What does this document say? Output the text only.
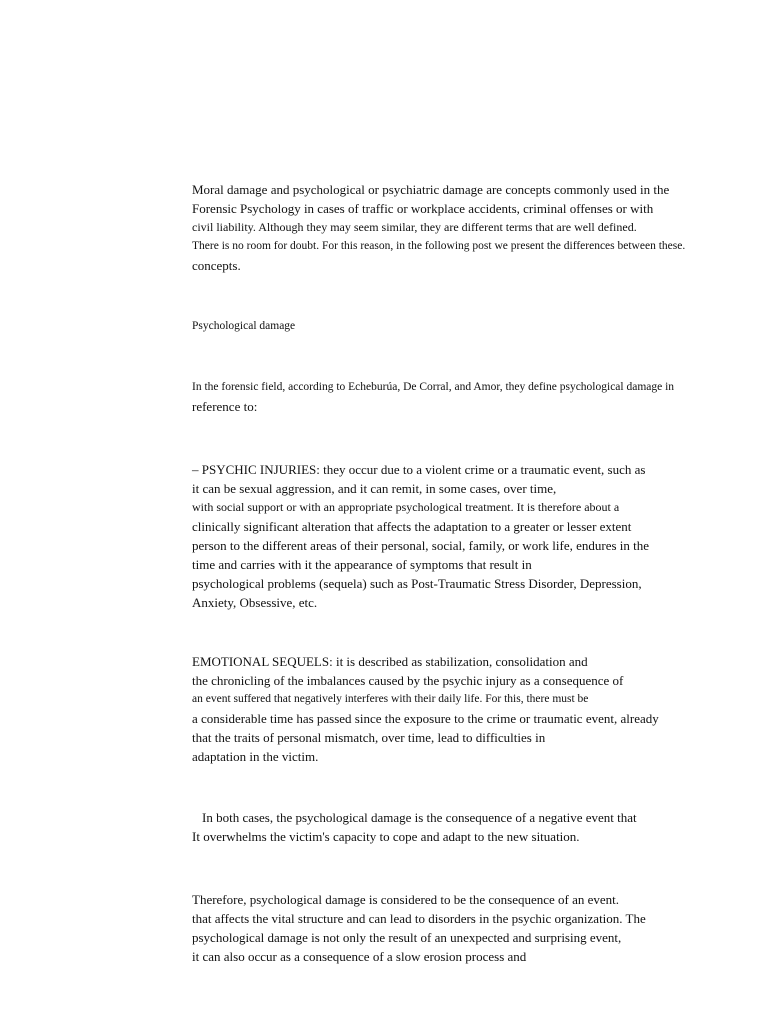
Moral damage and psychological or psychiatric damage are concepts commonly used in the
Forensic Psychology in cases of traffic or workplace accidents, criminal offenses or with
civil liability. Although they may seem similar, they are different terms that are well defined.
There is no room for doubt. For this reason, in the following post we present the differences between these.
concepts.
Psychological damage
In the forensic field, according to Echeburúa, De Corral, and Amor, they define psychological damage in
reference to:
– PSYCHIC INJURIES: they occur due to a violent crime or a traumatic event, such as
it can be sexual aggression, and it can remit, in some cases, over time,
with social support or with an appropriate psychological treatment. It is therefore about a
clinically significant alteration that affects the adaptation to a greater or lesser extent
person to the different areas of their personal, social, family, or work life, endures in the
time and carries with it the appearance of symptoms that result in
psychological problems (sequela) such as Post-Traumatic Stress Disorder, Depression,
Anxiety, Obsessive, etc.
EMOTIONAL SEQUELS: it is described as stabilization, consolidation and
the chronicling of the imbalances caused by the psychic injury as a consequence of
an event suffered that negatively interferes with their daily life. For this, there must be
a considerable time has passed since the exposure to the crime or traumatic event, already
that the traits of personal mismatch, over time, lead to difficulties in
adaptation in the victim.
In both cases, the psychological damage is the consequence of a negative event that
It overwhelms the victim's capacity to cope and adapt to the new situation.
Therefore, psychological damage is considered to be the consequence of an event.
that affects the vital structure and can lead to disorders in the psychic organization. The
psychological damage is not only the result of an unexpected and surprising event,
it can also occur as a consequence of a slow erosion process and
